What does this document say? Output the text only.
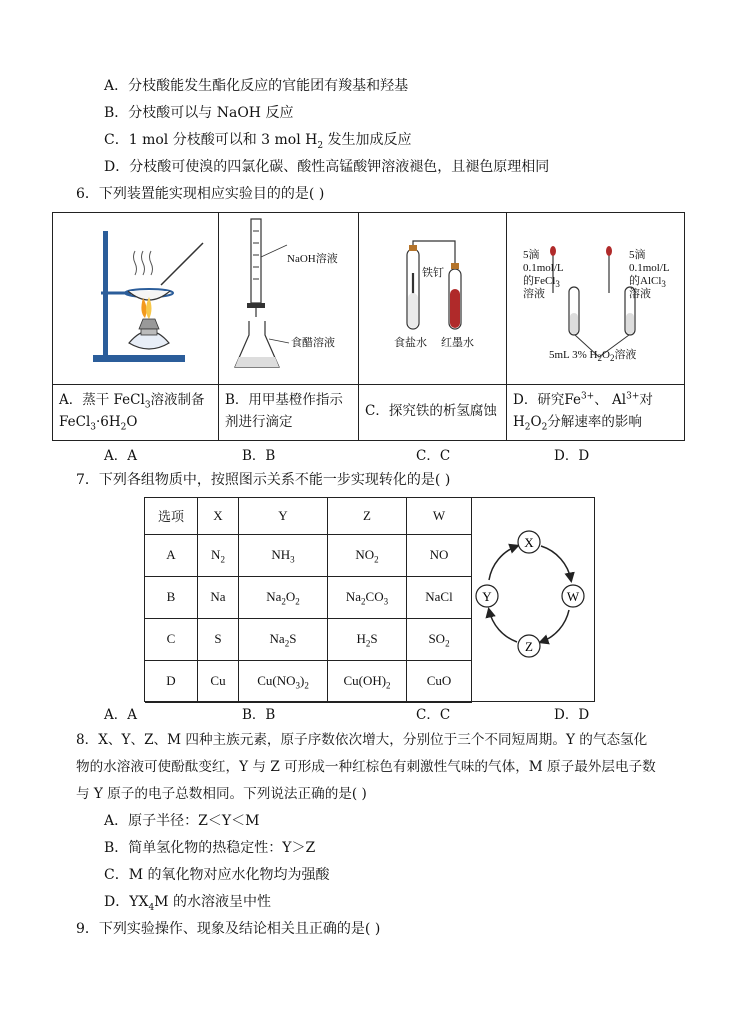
A．分枝酸能发生酯化反应的官能团有羧基和羟基
B．分枝酸可以与 NaOH 反应
C．1 mol 分枝酸可以和 3 mol $H_2$ 发生加成反应
D．分枝酸可使溴的四氯化碳、酸性高锰酸钾溶液褪色，且褪色原理相同
6．下列装置能实现相应实验目的的是( )
NaOH溶液
食醋溶液
铁钉
食盐水 红墨水
5滴
0.1mol/L
的FeCl$_3$
溶液
5滴
0.1mol/L
的AlCl$_3$
溶液
5mL 3% $H_2O_2$溶液
A．蒸干 FeCl$_3$溶液制备
$FeCl_3\cdot 6H_2O$
B．用甲基橙作指示剂进行滴定
C．探究铁的析氢腐蚀
D．研究$Fe^{3+}$、 $Al^{3+}$对
$H_2O_2$分解速率的影响
A．A	B．B	C．C	D．D
7．下列各组物质中，按照图示关系不能一步实现转化的是( )
选项	X	Y	Z	W
A	$N_2$	$NH_3$	$NO_2$	NO
B	Na	$Na_2O_2$	$Na_2CO_3$	NaCl
C	S	$Na_2S$	$H_2S$	$SO_2$
D	Cu	$Cu(NO_3)_2$	$Cu(OH)_2$	CuO
X
Y
Z
W
A．A	B．B	C．C	D．D
8．X、Y、Z、M 四种主族元素，原子序数依次增大，分别位于三个不同短周期。Y 的气态氢化
物的水溶液可使酚酞变红，Y 与 Z 可形成一种红棕色有刺激性气味的气体，M 原子最外层电子数
与 Y 原子的电子总数相同。下列说法正确的是( )
A．原子半径：Z＜Y＜M
B．简单氢化物的热稳定性：Y＞Z
C．M 的氧化物对应水化物均为强酸
D．$YX_4M$ 的水溶液呈中性
9．下列实验操作、现象及结论相关且正确的是( )
